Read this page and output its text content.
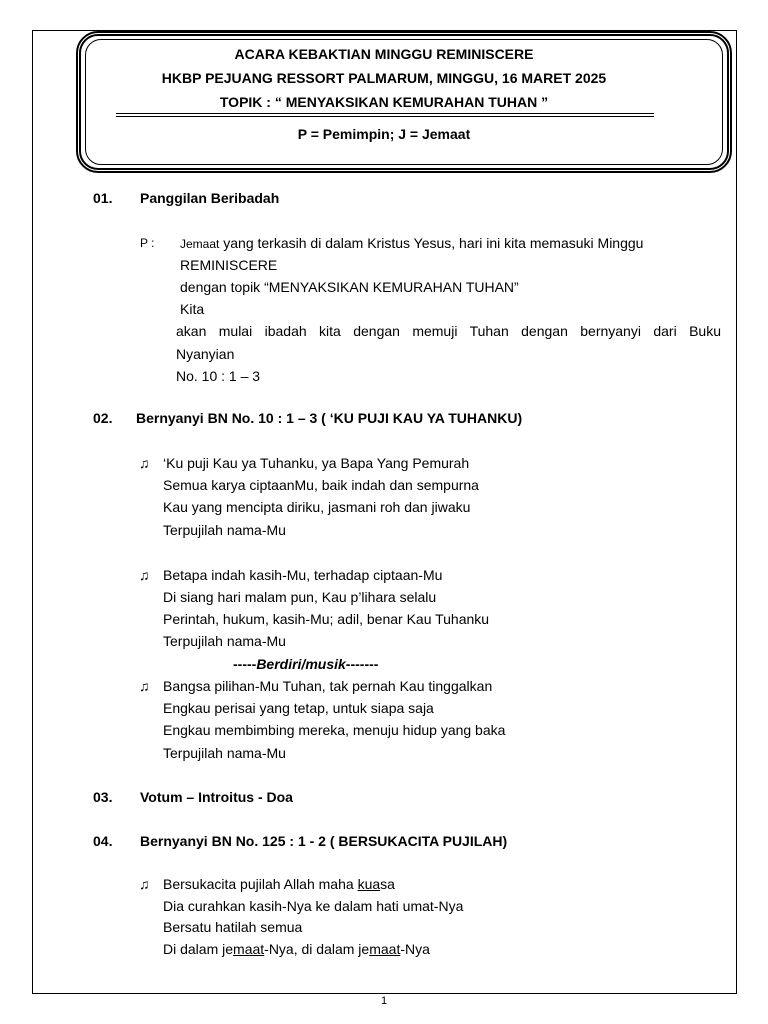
ACARA KEBAKTIAN MINGGU REMINISCERE
HKBP PEJUANG RESSORT PALMARUM, MINGGU, 16 MARET 2025
TOPIK : “ MENYAKSIKAN KEMURAHAN TUHAN ”
P = Pemimpin; J = Jemaat
01. Panggilan Beribadah
P : Jemaat yang terkasih di dalam Kristus Yesus, hari ini kita memasuki Minggu
REMINISCERE
dengan topik “MENYAKSIKAN KEMURAHAN TUHAN”
Kita
akan mulai ibadah kita dengan memuji Tuhan dengan bernyanyi dari Buku
Nyanyian
No. 10 : 1 – 3
02. Bernyanyi BN No. 10 : 1 – 3 ( ‘KU PUJI KAU YA TUHANKU)
♫ ‘Ku puji Kau ya Tuhanku, ya Bapa Yang Pemurah
Semua karya ciptaanMu, baik indah dan sempurna
Kau yang mencipta diriku, jasmani roh dan jiwaku
Terpujilah nama-Mu
♫ Betapa indah kasih-Mu, terhadap ciptaan-Mu
Di siang hari malam pun, Kau p’lihara selalu
Perintah, hukum, kasih-Mu; adil, benar Kau Tuhanku
Terpujilah nama-Mu
-----Berdiri/musik-------
♫ Bangsa pilihan-Mu Tuhan, tak pernah Kau tinggalkan
Engkau perisai yang tetap, untuk siapa saja
Engkau membimbing mereka, menuju hidup yang baka
Terpujilah nama-Mu
03. Votum – Introitus - Doa
04. Bernyanyi BN No. 125 : 1 - 2 ( BERSUKACITA PUJILAH)
♫ Bersukacita pujilah Allah maha kuasa
Dia curahkan kasih-Nya ke dalam hati umat-Nya
Bersatu hatilah semua
Di dalam jemaat-Nya, di dalam jemaat-Nya
1
